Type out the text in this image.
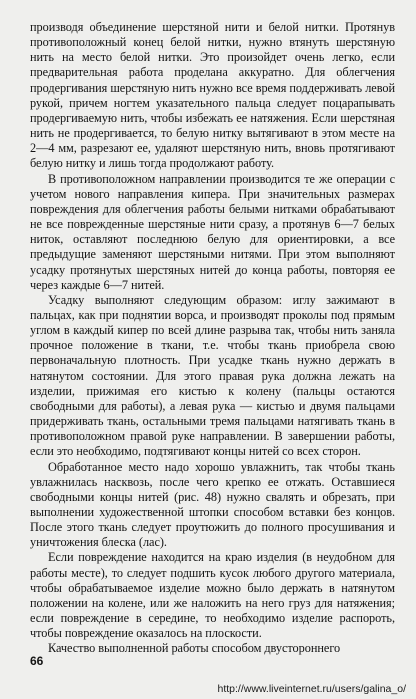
производя объединение шерстяной нити и белой нитки. Протянув противоположный конец белой нитки, нужно втянуть шерстяную нить на место белой нитки. Это произойдет очень легко, если предварительная работа проделана аккуратно. Для облегчения продергивания шерстяную нить нужно все время поддерживать левой рукой, причем ногтем указательного пальца следует поцарапывать продергиваемую нить, чтобы избежать ее натяжения. Если шерстяная нить не продергивается, то белую нитку вытягивают в этом месте на 2—4 мм, разрезают ее, удаляют шерстяную нить, вновь протягивают белую нитку и лишь тогда продолжают работу.

В противоположном направлении производится те же операции с учетом нового направления кипера. При значительных размерах повреждения для облегчения работы белыми нитками обрабатывают не все поврежденные шерстяные нити сразу, а протянув 6—7 белых ниток, оставляют последнюю белую для ориентировки, а все предыдущие заменяют шерстяными нитями. При этом выполняют усадку протянутых шерстяных нитей до конца работы, повторяя ее через каждые 6—7 нитей.

Усадку выполняют следующим образом: иглу зажимают в пальцах, как при поднятии ворса, и производят проколы под прямым углом в каждый кипер по всей длине разрыва так, чтобы нить заняла прочное положение в ткани, т.е. чтобы ткань приобрела свою первоначальную плотность. При усадке ткань нужно держать в натянутом состоянии. Для этого правая рука должна лежать на изделии, прижимая его кистью к колену (пальцы остаются свободными для работы), а левая рука — кистью и двумя пальцами придерживать ткань, остальными тремя пальцами натягивать ткань в противоположном правой руке направлении. В завершении работы, если это необходимо, подтягивают концы нитей со всех сторон.

Обработанное место надо хорошо увлажнить, так чтобы ткань увлажнилась насквозь, после чего крепко ее отжать. Оставшиеся свободными концы нитей (рис. 48) нужно свалять и обрезать, при выполнении художественной штопки способом вставки без концов. После этого ткань следует проутюжить до полного просушивания и уничтожения блеска (лас).

Если повреждение находится на краю изделия (в неудобном для работы месте), то следует подшить кусок любого другого материала, чтобы обрабатываемое изделие можно было держать в натянутом положении на колене, или же наложить на него груз для натяжения; если повреждение в середине, то необходимо изделие распороть, чтобы повреждение оказалось на плоскости.

Качество выполненной работы способом двустороннего

66
http://www.liveinternet.ru/users/galina_o/
